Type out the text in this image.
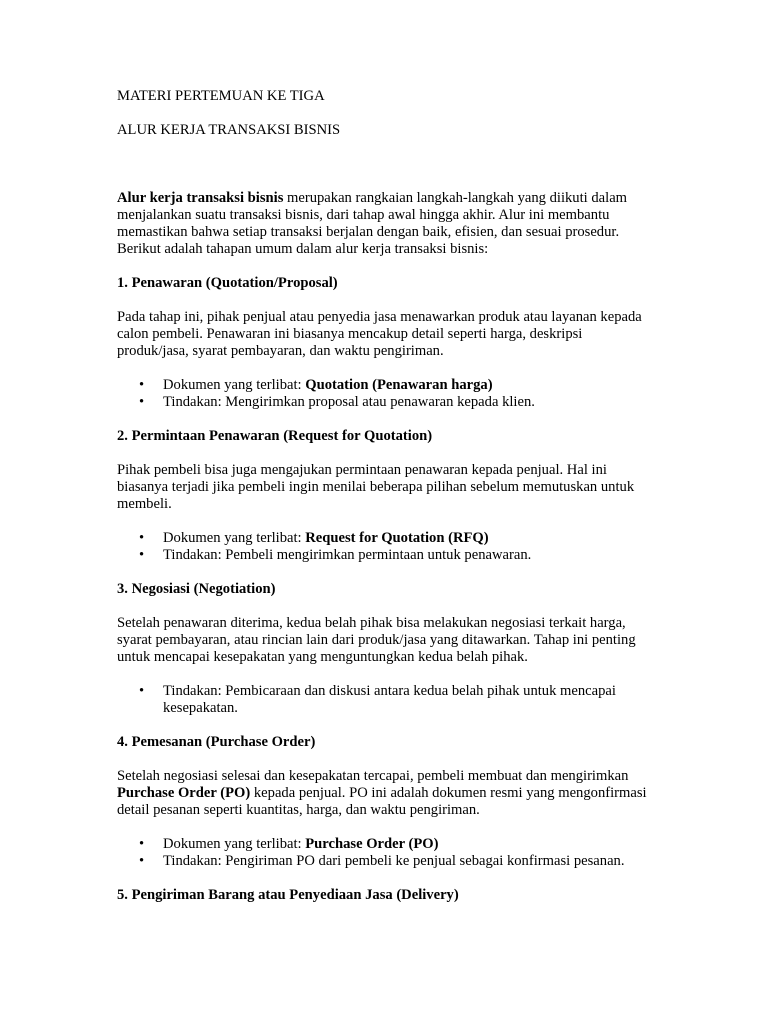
MATERI PERTEMUAN KE TIGA

ALUR KERJA TRANSAKSI BISNIS

Alur kerja transaksi bisnis merupakan rangkaian langkah-langkah yang diikuti dalam menjalankan suatu transaksi bisnis, dari tahap awal hingga akhir. Alur ini membantu memastikan bahwa setiap transaksi berjalan dengan baik, efisien, dan sesuai prosedur. Berikut adalah tahapan umum dalam alur kerja transaksi bisnis:

1. Penawaran (Quotation/Proposal)

Pada tahap ini, pihak penjual atau penyedia jasa menawarkan produk atau layanan kepada calon pembeli. Penawaran ini biasanya mencakup detail seperti harga, deskripsi produk/jasa, syarat pembayaran, dan waktu pengiriman.

• Dokumen yang terlibat: Quotation (Penawaran harga)
• Tindakan: Mengirimkan proposal atau penawaran kepada klien.

2. Permintaan Penawaran (Request for Quotation)

Pihak pembeli bisa juga mengajukan permintaan penawaran kepada penjual. Hal ini biasanya terjadi jika pembeli ingin menilai beberapa pilihan sebelum memutuskan untuk membeli.

• Dokumen yang terlibat: Request for Quotation (RFQ)
• Tindakan: Pembeli mengirimkan permintaan untuk penawaran.

3. Negosiasi (Negotiation)

Setelah penawaran diterima, kedua belah pihak bisa melakukan negosiasi terkait harga, syarat pembayaran, atau rincian lain dari produk/jasa yang ditawarkan. Tahap ini penting untuk mencapai kesepakatan yang menguntungkan kedua belah pihak.

• Tindakan: Pembicaraan dan diskusi antara kedua belah pihak untuk mencapai kesepakatan.

4. Pemesanan (Purchase Order)

Setelah negosiasi selesai dan kesepakatan tercapai, pembeli membuat dan mengirimkan Purchase Order (PO) kepada penjual. PO ini adalah dokumen resmi yang mengonfirmasi detail pesanan seperti kuantitas, harga, dan waktu pengiriman.

• Dokumen yang terlibat: Purchase Order (PO)
• Tindakan: Pengiriman PO dari pembeli ke penjual sebagai konfirmasi pesanan.

5. Pengiriman Barang atau Penyediaan Jasa (Delivery)
